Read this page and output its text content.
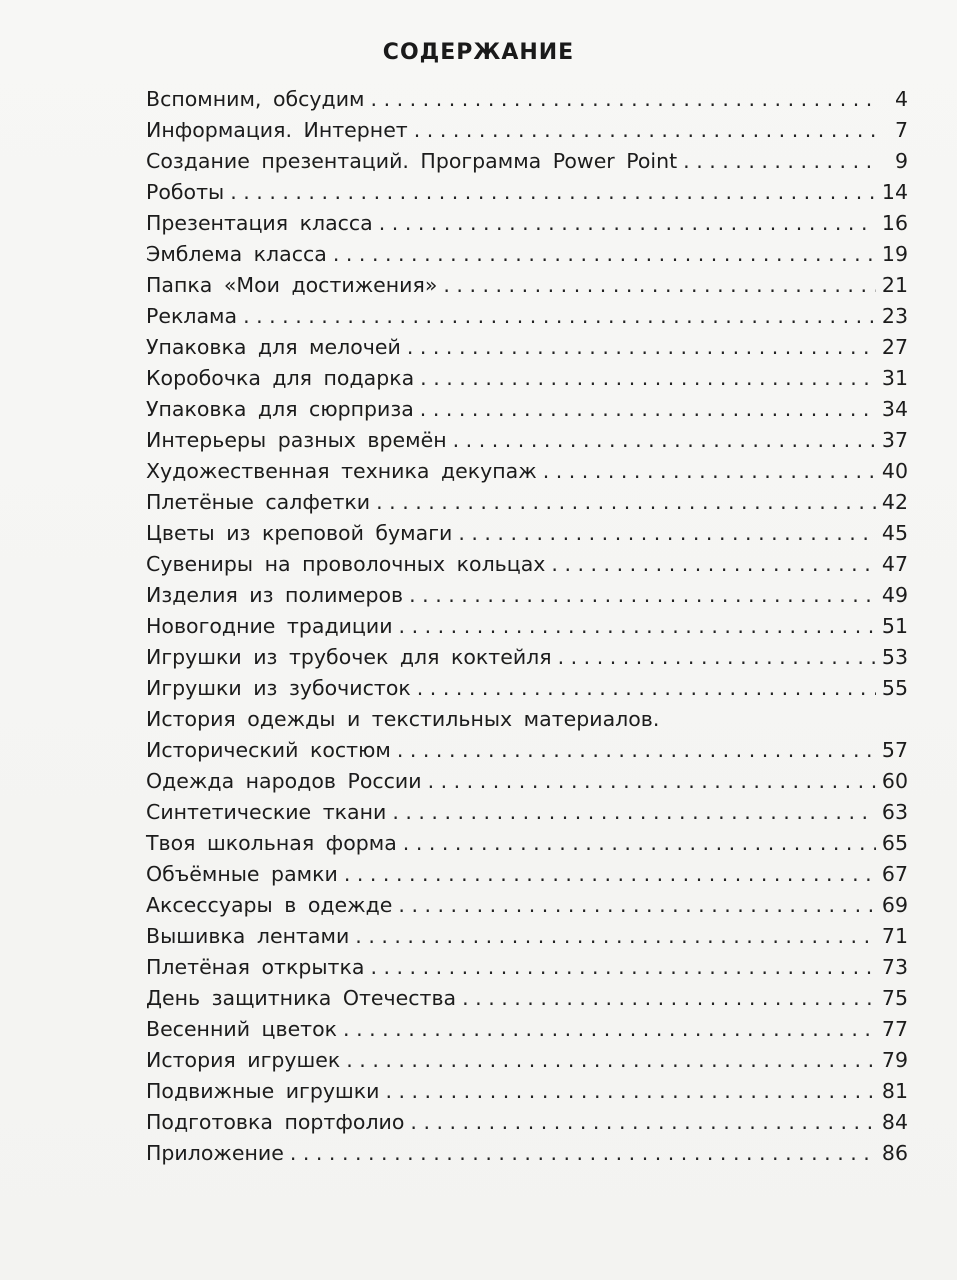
СОДЕРЖАНИЕ
Вспомним, обсудим . . .	4
Информация. Интернет . . .	7
Создание презентаций. Программа Power Point . . .	9
Роботы . . .	14
Презентация класса . . .	16
Эмблема класса . . .	19
Папка «Мои достижения» . . .	21
Реклама . . .	23
Упаковка для мелочей . . .	27
Коробочка для подарка . . .	31
Упаковка для сюрприза . . .	34
Интерьеры разных времён . . .	37
Художественная техника декупаж . . .	40
Плетёные салфетки . . .	42
Цветы из креповой бумаги . . .	45
Сувениры на проволочных кольцах . . .	47
Изделия из полимеров . . .	49
Новогодние традиции . . .	51
Игрушки из трубочек для коктейля . . .	53
Игрушки из зубочисток . . .	55
История одежды и текстильных материалов.
Исторический костюм . . .	57
Одежда народов России . . .	60
Синтетические ткани . . .	63
Твоя школьная форма . . .	65
Объёмные рамки . . .	67
Аксессуары в одежде . . .	69
Вышивка лентами . . .	71
Плетёная открытка . . .	73
День защитника Отечества . . .	75
Весенний цветок . . .	77
История игрушек . . .	79
Подвижные игрушки . . .	81
Подготовка портфолио . . .	84
Приложение . . .	86
